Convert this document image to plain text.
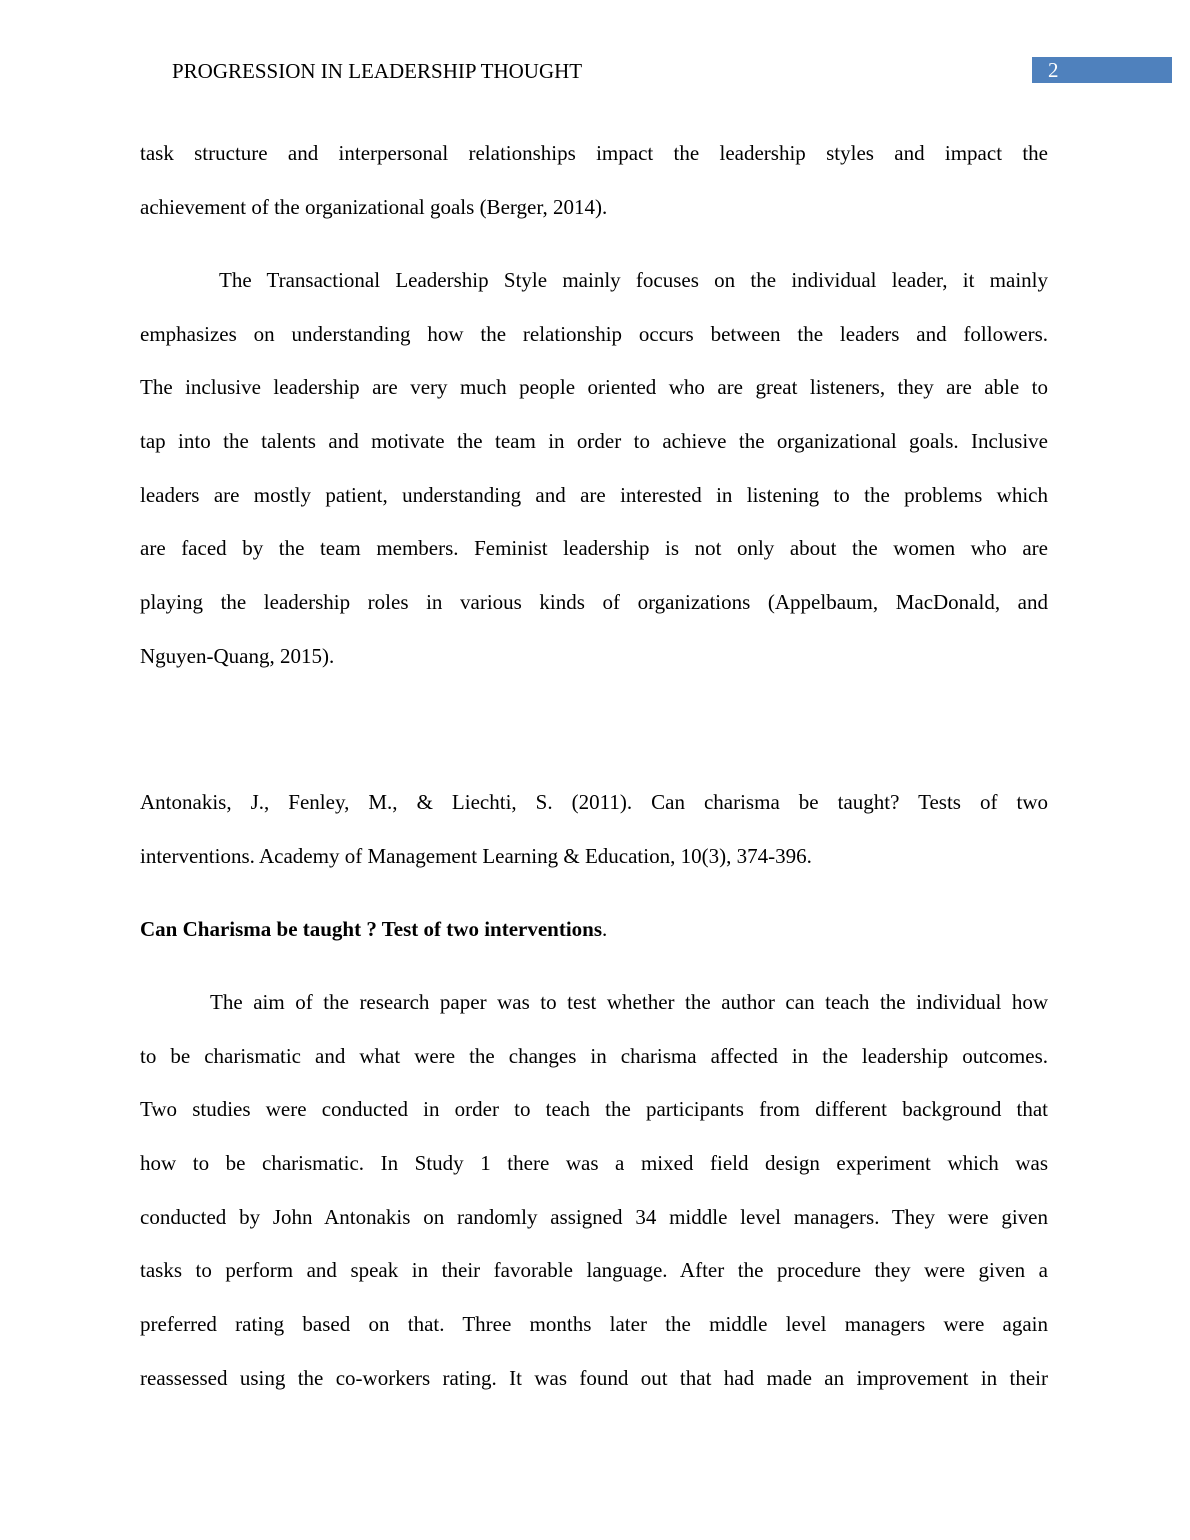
PROGRESSION IN LEADERSHIP THOUGHT	2
task structure and interpersonal relationships impact the leadership styles and impact the
achievement of the organizational goals (Berger, 2014).
The Transactional Leadership Style mainly focuses on the individual leader, it mainly
emphasizes on understanding how the relationship occurs between the leaders and followers.
The inclusive leadership are very much people oriented who are great listeners, they are able to
tap into the talents and motivate the team in order to achieve the organizational goals. Inclusive
leaders are mostly patient, understanding and are interested in listening to the problems which
are faced by the team members. Feminist leadership is not only about the women who are
playing the leadership roles in various kinds of organizations (Appelbaum, MacDonald, and
Nguyen-Quang, 2015).
Antonakis, J., Fenley, M., & Liechti, S. (2011). Can charisma be taught? Tests of two
interventions. Academy of Management Learning & Education, 10(3), 374-396.
Can Charisma be taught ? Test of two interventions.
The aim of the research paper was to test whether the author can teach the individual how
to be charismatic and what were the changes in charisma affected in the leadership outcomes.
Two studies were conducted in order to teach the participants from different background that
how to be charismatic. In Study 1 there was a mixed field design experiment which was
conducted by John Antonakis on randomly assigned 34 middle level managers. They were given
tasks to perform and speak in their favorable language. After the procedure they were given a
preferred rating based on that. Three months later the middle level managers were again
reassessed using the co-workers rating. It was found out that had made an improvement in their
